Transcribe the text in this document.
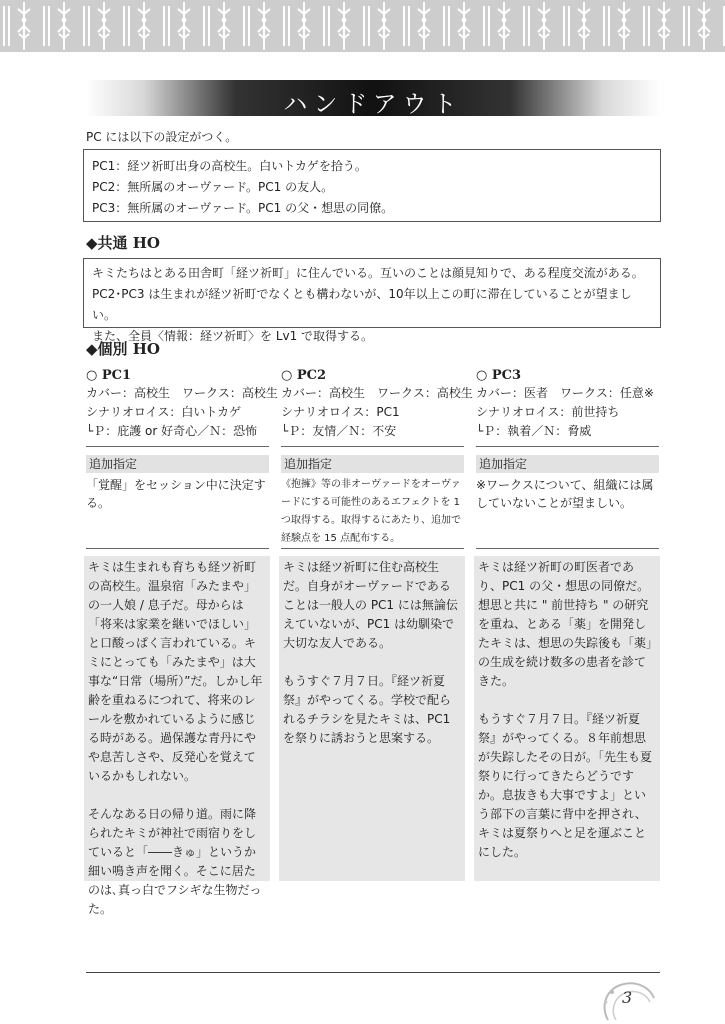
ハンドアウト
PC には以下の設定がつく。
PC1：経ツ祈町出身の高校生。白いトカゲを拾う。
PC2：無所属のオーヴァード。PC1 の友人。
PC3：無所属のオーヴァード。PC1 の父・想思の同僚。
◆共通 HO
キミたちはとある田舎町「経ツ祈町」に住んでいる。互いのことは顔見知りで、ある程度交流がある。
PC2･PC3 は生まれが経ツ祈町でなくとも構わないが、10年以上この町に滞在していることが望ましい。
また、全員〈情報：経ツ祈町〉を Lv1 で取得する。
◆個別 HO
○ PC1
カバー：高校生　ワークス：高校生
シナリオロイス：白いトカゲ
└Ｐ：庇護 or 好奇心／Ｎ：恐怖
追加指定
「覚醒」をセッション中に決定する。

キミは生まれも育ちも経ツ祈町の高校生。温泉宿「みたまや」の一人娘 / 息子だ。母からは「将来は家業を継いでほしい」と口酸っぱく言われている。キミにとっても「みたまや」は大事な“日常（場所）”だ。しかし年齢を重ねるにつれて、将来のレールを敷かれているように感じる時がある。過保護な青丹にやや息苦しさや、反発心を覚えているかもしれない。

そんなある日の帰り道。雨に降られたキミが神社で雨宿りをしていると「――きゅ」というか細い鳴き声を聞く。そこに居たのは､真っ白でフシギな生物だった。

○ PC2
カバー：高校生　ワークス：高校生
シナリオロイス：PC1
└Ｐ：友情／Ｎ：不安
追加指定
《抱擁》等の非オーヴァードをオーヴァードにする可能性のあるエフェクトを 1 つ取得する。取得するにあたり、追加で経験点を 15 点配布する。

キミは経ツ祈町に住む高校生だ。自身がオーヴァードであることは一般人の PC1 には無論伝えていないが、PC1 は幼馴染で大切な友人である。

もうすぐ７月７日。『経ツ祈夏祭』がやってくる。学校で配られるチラシを見たキミは、PC1 を祭りに誘おうと思案する。

○ PC3
カバー：医者　ワークス：任意※
シナリオロイス：前世持ち
└Ｐ：執着／Ｎ：脅威
追加指定
※ワークスについて、組織には属していないことが望ましい。

キミは経ツ祈町の町医者であり、PC1 の父・想思の同僚だ。想思と共に " 前世持ち " の研究を重ね、とある「薬」を開発したキミは、想思の失踪後も「薬」の生成を続け数多の患者を診てきた。

もうすぐ７月７日。『経ツ祈夏祭』がやってくる。８年前想思が失踪したその日が。「先生も夏祭りに行ってきたらどうですか。息抜きも大事ですよ」という部下の言葉に背中を押され、キミは夏祭りへと足を運ぶことにした。

3
